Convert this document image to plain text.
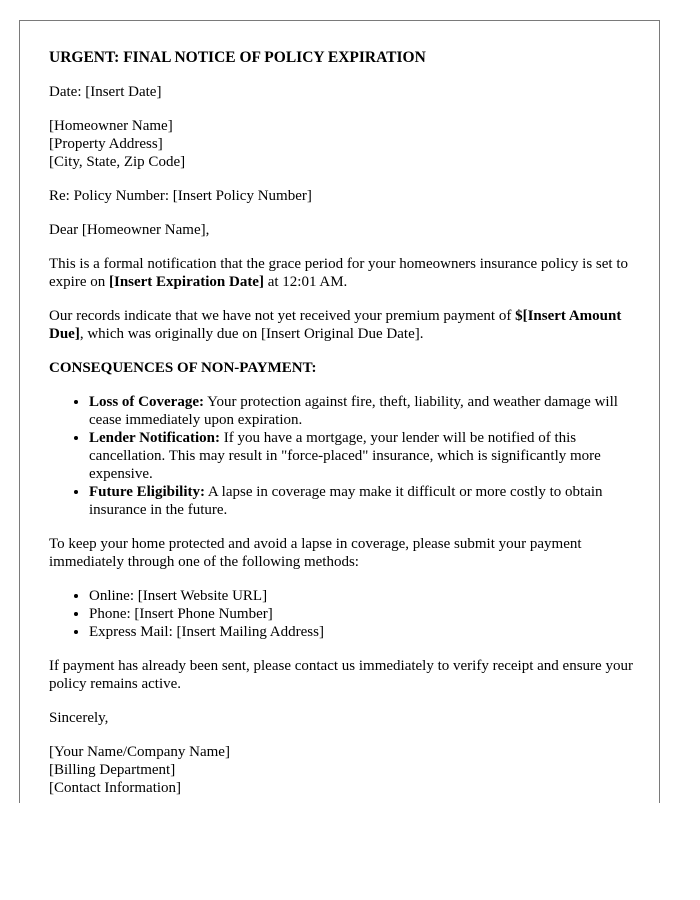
URGENT: FINAL NOTICE OF POLICY EXPIRATION

Date: [Insert Date]

[Homeowner Name]
[Property Address]
[City, State, Zip Code]

Re: Policy Number: [Insert Policy Number]

Dear [Homeowner Name],

This is a formal notification that the grace period for your homeowners insurance policy is set to expire on [Insert Expiration Date] at 12:01 AM.

Our records indicate that we have not yet received your premium payment of $[Insert Amount Due], which was originally due on [Insert Original Due Date].

CONSEQUENCES OF NON-PAYMENT:
• Loss of Coverage: Your protection against fire, theft, liability, and weather damage will cease immediately upon expiration.
• Lender Notification: If you have a mortgage, your lender will be notified of this cancellation. This may result in "force-placed" insurance, which is significantly more expensive.
• Future Eligibility: A lapse in coverage may make it difficult or more costly to obtain insurance in the future.

To keep your home protected and avoid a lapse in coverage, please submit your payment immediately through one of the following methods:

• Online: [Insert Website URL]
• Phone: [Insert Phone Number]
• Express Mail: [Insert Mailing Address]

If payment has already been sent, please contact us immediately to verify receipt and ensure your policy remains active.

Sincerely,

[Your Name/Company Name]
[Billing Department]
[Contact Information]
